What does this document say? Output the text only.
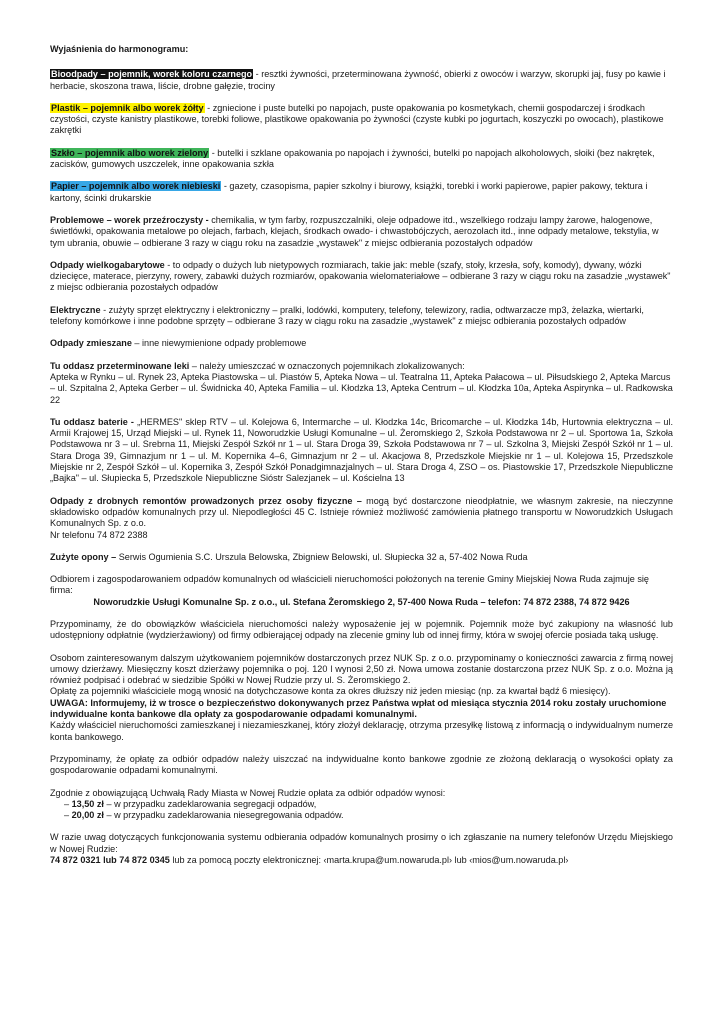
Wyjaśnienia do harmonogramu:

Bioodpady – pojemnik, worek koloru czarnego - resztki żywności, przeterminowana żywność, obierki z owoców i warzyw, skorupki jaj, fusy po kawie i herbacie, skoszona trawa, liście, drobne gałęzie, trociny

Plastik – pojemnik albo worek żółty - zgniecione i puste butelki po napojach, puste opakowania po kosmetykach, chemii gospodarczej i środkach czystości, czyste kanistry plastikowe, torebki foliowe, plastikowe opakowania po żywności (czyste kubki po jogurtach, koszyczki po owocach), plastikowe zakrętki

Szkło – pojemnik albo worek zielony - butelki i szklane opakowania po napojach i żywności, butelki po napojach alkoholowych, słoiki (bez nakrętek, zacisków, gumowych uszczelek, inne opakowania szkła

Papier – pojemnik albo worek niebieski - gazety, czasopisma, papier szkolny i biurowy, książki, torebki i worki papierowe, papier pakowy, tektura i kartony, ścinki drukarskie

Problemowe – worek przeźroczysty - chemikalia, w tym farby, rozpuszczalniki, oleje odpadowe itd., wszelkiego rodzaju lampy żarowe, halogenowe, świetlówki, opakowania metalowe po olejach, farbach, klejach, środkach owado- i chwastobójczych, aerozolach itd., inne odpady metalowe, tekstylia, w tym ubrania, obuwie – odbierane 3 razy w ciągu roku na zasadzie „wystawek" z miejsc odbierania pozostałych odpadów

Odpady wielkogabarytowe - to odpady o dużych lub nietypowych rozmiarach, takie jak: meble (szafy, stoły, krzesła, sofy, komody), dywany, wózki dziecięce, materace, pierzyny, rowery, zabawki dużych rozmiarów, opakowania wielomateriałowe – odbierane 3 razy w ciągu roku na zasadzie „wystawek" z miejsc odbierania pozostałych odpadów

Elektryczne - zużyty sprzęt elektryczny i elektroniczny – pralki, lodówki, komputery, telefony, telewizory, radia, odtwarzacze mp3, żelazka, wiertarki, telefony komórkowe i inne podobne sprzęty – odbierane 3 razy w ciągu roku na zasadzie „wystawek" z miejsc odbierania pozostałych odpadów

Odpady zmieszane – inne niewymienione odpady problemowe

Tu oddasz przeterminowane leki – należy umieszczać w oznaczonych pojemnikach zlokalizowanych:

Apteka w Rynku – ul. Rynek 23, Apteka Piastowska – ul. Piastów 5, Apteka Nowa – ul. Teatralna 11, Apteka Pałacowa – ul. Piłsudskiego 2, Apteka Marcus – ul. Szpitalna 2, Apteka Gerber – ul. Świdnicka 40, Apteka Familia – ul. Kłodzka 13, Apteka Centrum – ul. Kłodzka 10a, Apteka Aspirynka – ul. Radkowska 22

Tu oddasz baterie - „HERMES" sklep RTV – ul. Kolejowa 6, Intermarche – ul. Kłodzka 14c, Bricomarche – ul. Kłodzka 14b, Hurtownia elektryczna – ul. Armii Krajowej 15, Urząd Miejski – ul. Rynek 11, Noworudzkie Usługi Komunalne – ul. Żeromskiego 2, Szkoła Podstawowa nr 2 – ul. Sportowa 1a, Szkoła Podstawowa nr 3 – ul. Srebrna 11, Miejski Zespół Szkół nr 1 – ul. Stara Droga 39, Szkoła Podstawowa nr 7 – ul. Szkolna 3, Miejski Zespół Szkół nr 1 – ul. Stara Droga 39, Gimnazjum nr 1 – ul. M. Kopernika 4–6, Gimnazjum nr 2 – ul. Akacjowa 8, Przedszkole Miejskie nr 1 – ul. Kolejowa 15, Przedszkole Miejskie nr 2, Zespół Szkół – ul. Kopernika 3, Zespół Szkół Ponadgimnazjalnych – ul. Stara Droga 4, ZSO – os. Piastowskie 17, Przedszkole Niepubliczne „Bajka" – ul. Słupiecka 5, Przedszkole Niepubliczne Sióstr Salezjanek – ul. Kościelna 13

Odpady z drobnych remontów prowadzonych przez osoby fizyczne – mogą być dostarczone nieodpłatnie, we własnym zakresie, na nieczynne składowisko odpadów komunalnych przy ul. Niepodległości 45 C. Istnieje również możliwość zamówienia płatnego transportu w Noworudzkich Usługach Komunalnych Sp. z o.o.

Nr telefonu 74 872 2388

Zużyte opony – Serwis Ogumienia S.C. Urszula Belowska, Zbigniew Belowski, ul. Słupiecka 32 a, 57-402 Nowa Ruda

Odbiorem i zagospodarowaniem odpadów komunalnych od właścicieli nieruchomości położonych na terenie Gminy Miejskiej Nowa Ruda zajmuje się firma:

Noworudzkie Usługi Komunalne Sp. z o.o., ul. Stefana Żeromskiego 2, 57-400 Nowa Ruda – telefon: 74 872 2388, 74 872 9426

Przypominamy, że do obowiązków właściciela nieruchomości należy wyposażenie jej w pojemnik. Pojemnik może być zakupiony na własność lub udostępniony odpłatnie (wydzierżawiony) od firmy odbierającej odpady na zlecenie gminy lub od innej firmy, która w swojej ofercie posiada taką usługę.

Osobom zainteresowanym dalszym użytkowaniem pojemników dostarczonych przez NUK Sp. z o.o. przypominamy o konieczności zawarcia z firmą nowej umowy dzierżawy. Miesięczny koszt dzierżawy pojemnika o poj. 120 l wynosi 2,50 zł. Nowa umowa zostanie dostarczona przez NUK Sp. z o.o. Można ją również podpisać i odebrać w siedzibie Spółki w Nowej Rudzie przy ul. S. Żeromskiego 2.

Opłatę za pojemniki właściciele mogą wnosić na dotychczasowe konta za okres dłuższy niż jeden miesiąc (np. za kwartał bądź 6 miesięcy).

UWAGA: Informujemy, iż w trosce o bezpieczeństwo dokonywanych przez Państwa wpłat od miesiąca stycznia 2014 roku zostały uruchomione indywidualne konta bankowe dla opłaty za gospodarowanie odpadami komunalnymi.

Każdy właściciel nieruchomości zamieszkanej i niezamieszkanej, który złożył deklarację, otrzyma przesyłkę listową z informacją o indywidualnym numerze konta bankowego.

Przypominamy, że opłatę za odbiór odpadów należy uiszczać na indywidualne konto bankowe zgodnie ze złożoną deklaracją o wysokości opłaty za gospodarowanie odpadami komunalnymi.

Zgodnie z obowiązującą Uchwałą Rady Miasta w Nowej Rudzie opłata za odbiór odpadów wynosi:

– 13,50 zł – w przypadku zadeklarowania segregacji odpadów,
– 20,00 zł – w przypadku zadeklarowania niesegregowania odpadów.

W razie uwag dotyczących funkcjonowania systemu odbierania odpadów komunalnych prosimy o ich zgłaszanie na numery telefonów Urzędu Miejskiego w Nowej Rudzie:

74 872 0321 lub 74 872 0345 lub za pomocą poczty elektronicznej: ‹marta.krupa@um.nowaruda.pl› lub ‹mios@um.nowaruda.pl›
